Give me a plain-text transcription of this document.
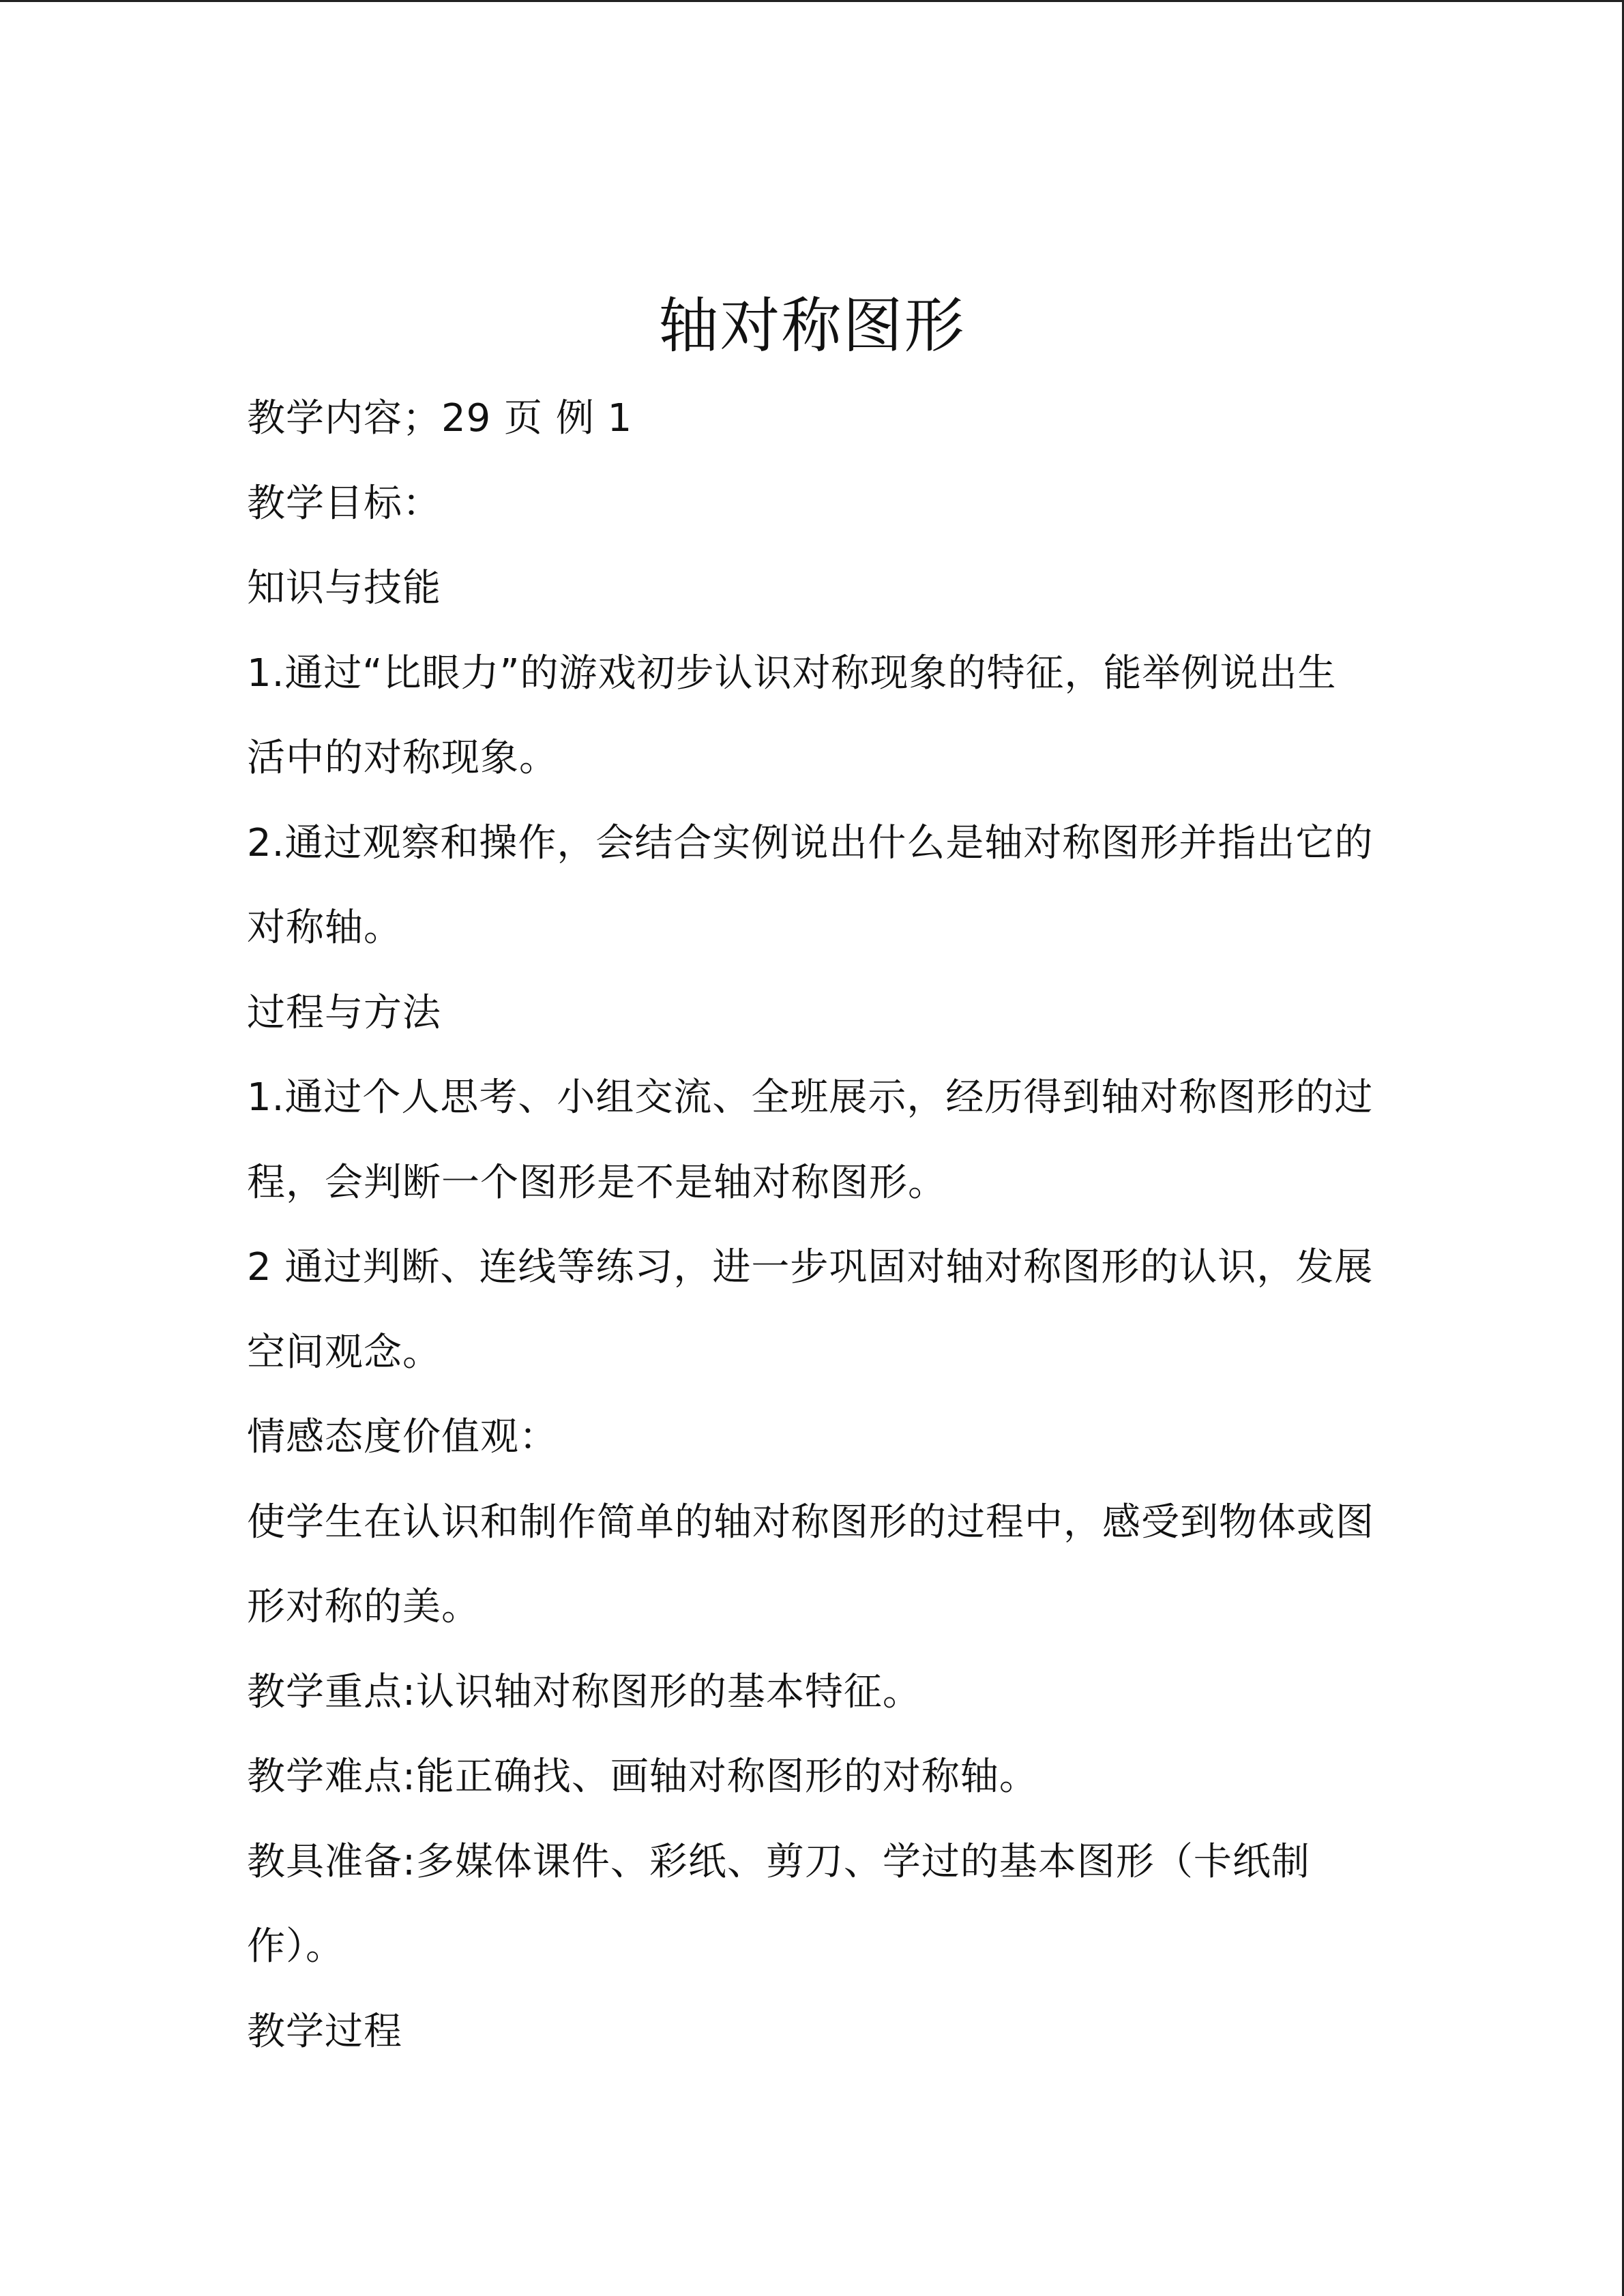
轴对称图形
教学内容；29 页 例 1
教学目标：
知识与技能
1.通过“比眼力”的游戏初步认识对称现象的特征，能举例说出生
活中的对称现象。
2.通过观察和操作，会结合实例说出什么是轴对称图形并指出它的
对称轴。
过程与方法
1.通过个人思考、小组交流、全班展示，经历得到轴对称图形的过
程，会判断一个图形是不是轴对称图形。
2 通过判断、连线等练习，进一步巩固对轴对称图形的认识，发展
空间观念。
情感态度价值观：
使学生在认识和制作简单的轴对称图形的过程中，感受到物体或图
形对称的美。
教学重点:认识轴对称图形的基本特征。
教学难点:能正确找、画轴对称图形的对称轴。
教具准备:多媒体课件、彩纸、剪刀、学过的基本图形（卡纸制
作）。
教学过程
